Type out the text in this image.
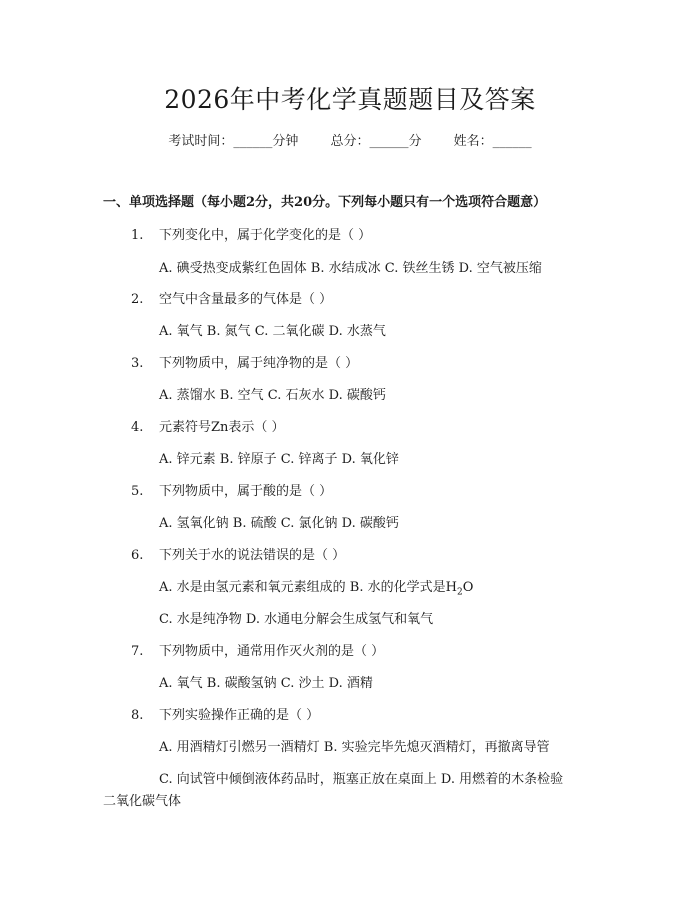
2026年中考化学真题题目及答案
考试时间：______分钟 总分：______分 姓名：______
一、单项选择题（每小题2分，共20分。下列每小题只有一个选项符合题意）
1. 下列变化中，属于化学变化的是（ ）
A. 碘受热变成紫红色固体 B. 水结成冰 C. 铁丝生锈 D. 空气被压缩
2. 空气中含量最多的气体是（ ）
A. 氧气 B. 氮气 C. 二氧化碳 D. 水蒸气
3. 下列物质中，属于纯净物的是（ ）
A. 蒸馏水 B. 空气 C. 石灰水 D. 碳酸钙
4. 元素符号Zn表示（ ）
A. 锌元素 B. 锌原子 C. 锌离子 D. 氧化锌
5. 下列物质中，属于酸的是（ ）
A. 氢氧化钠 B. 硫酸 C. 氯化钠 D. 碳酸钙
6. 下列关于水的说法错误的是（ ）
A. 水是由氢元素和氧元素组成的 B. 水的化学式是$H_2O$
C. 水是纯净物 D. 水通电分解会生成氢气和氧气
7. 下列物质中，通常用作灭火剂的是（ ）
A. 氧气 B. 碳酸氢钠 C. 沙土 D. 酒精
8. 下列实验操作正确的是（ ）
A. 用酒精灯引燃另一酒精灯 B. 实验完毕先熄灭酒精灯，再撤离导管
C. 向试管中倾倒液体药品时，瓶塞正放在桌面上 D. 用燃着的木条检验
二氧化碳气体
